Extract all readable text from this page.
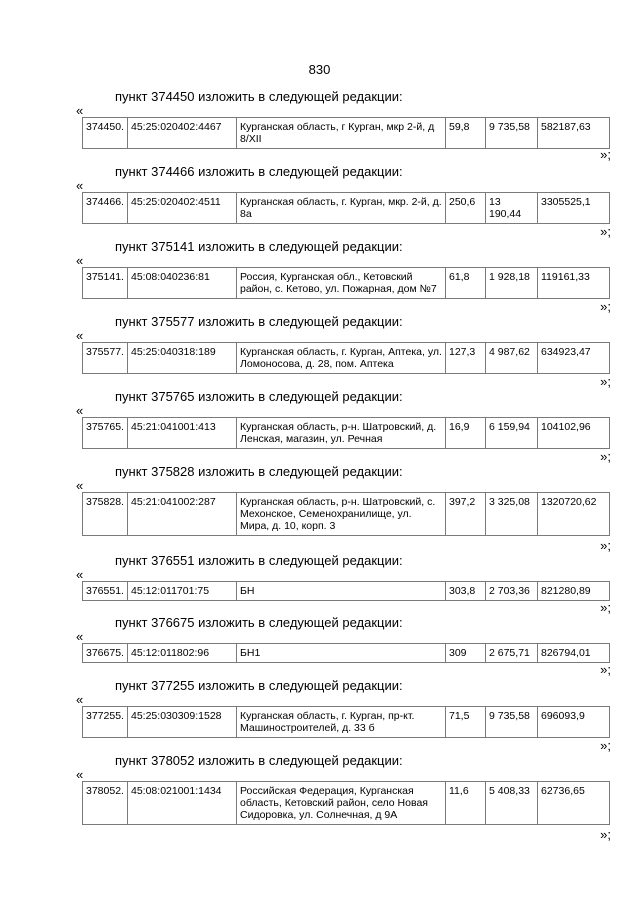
830
пункт 374450 изложить в следующей редакции:
«
374450.	45:25:020402:4467	Курганская область, г Курган, мкр 2-й, д 8/XII	59,8	9 735,58	582187,63
»;
пункт 374466 изложить в следующей редакции:
«
374466.	45:25:020402:4511	Курганская область, г. Курган, мкр. 2-й, д. 8а	250,6	13 190,44	3305525,1
»;
пункт 375141 изложить в следующей редакции:
«
375141.	45:08:040236:81	Россия, Курганская обл., Кетовский район, с. Кетово, ул. Пожарная, дом №7	61,8	1 928,18	119161,33
»;
пункт 375577 изложить в следующей редакции:
«
375577.	45:25:040318:189	Курганская область, г. Курган, Аптека, ул. Ломоносова, д. 28, пом. Аптека	127,3	4 987,62	634923,47
»;
пункт 375765 изложить в следующей редакции:
«
375765.	45:21:041001:413	Курганская область, р-н. Шатровский, д. Ленская, магазин, ул. Речная	16,9	6 159,94	104102,96
»;
пункт 375828 изложить в следующей редакции:
«
375828.	45:21:041002:287	Курганская область, р-н. Шатровский, с. Мехонское, Семенохранилище, ул. Мира, д. 10, корп. 3	397,2	3 325,08	1320720,62
»;
пункт 376551 изложить в следующей редакции:
«
376551.	45:12:011701:75	БН	303,8	2 703,36	821280,89
»;
пункт 376675 изложить в следующей редакции:
«
376675.	45:12:011802:96	БН1	309	2 675,71	826794,01
»;
пункт 377255 изложить в следующей редакции:
«
377255.	45:25:030309:1528	Курганская область, г. Курган, пр-кт. Машиностроителей, д. 33 б	71,5	9 735,58	696093,9
»;
пункт 378052 изложить в следующей редакции:
«
378052.	45:08:021001:1434	Российская Федерация, Курганская область, Кетовский район, село Новая Сидоровка, ул. Солнечная, д 9А	11,6	5 408,33	62736,65
»;
